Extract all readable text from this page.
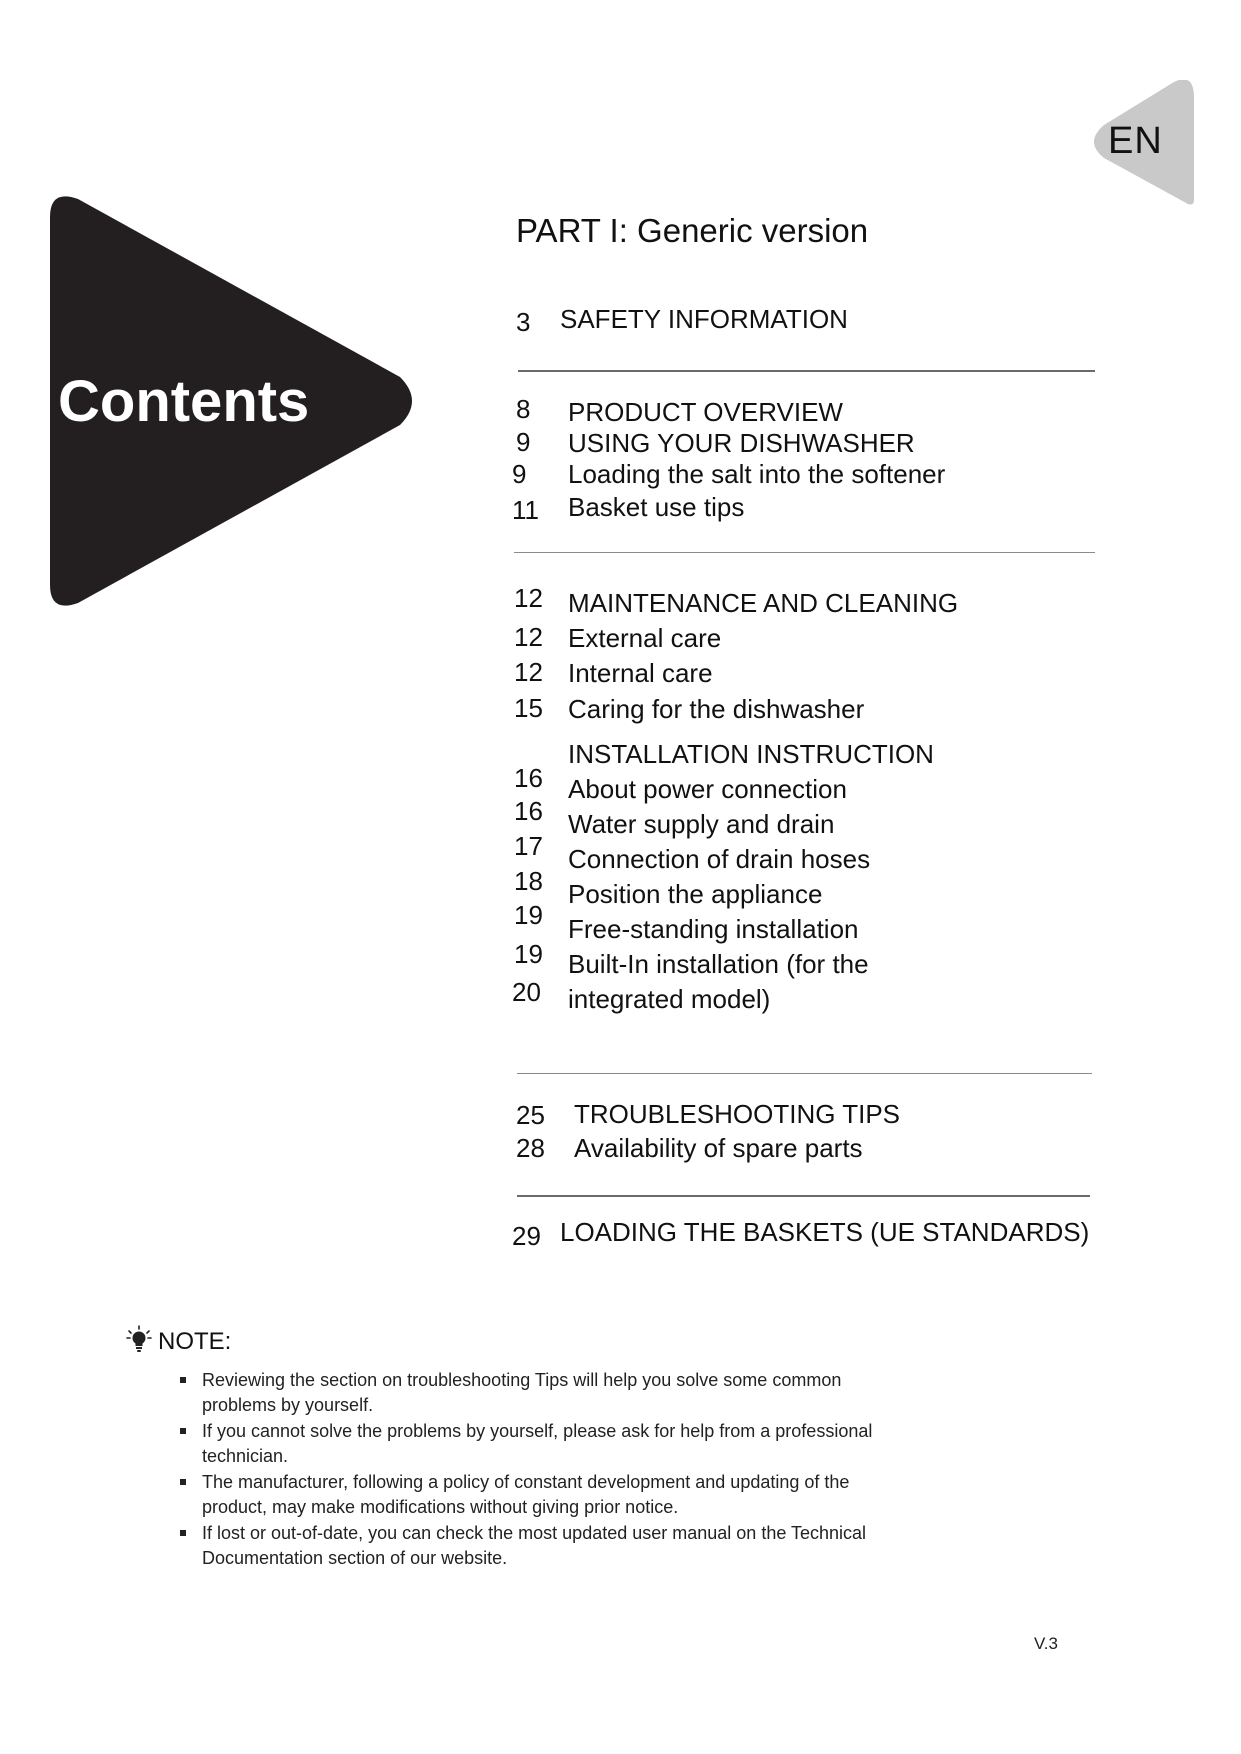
EN
Contents
PART I: Generic version
3 SAFETY INFORMATION
8
9
9
11
PRODUCT OVERVIEW
USING YOUR DISHWASHER
Loading the salt into the softener
Basket use tips
12
12
12
15
MAINTENANCE AND CLEANING
External care
Internal care
Caring for the dishwasher
INSTALLATION INSTRUCTION
16
16
17
18
19
19
20
About power connection
Water supply and drain
Connection of drain hoses
Position the appliance
Free-standing installation
Built-In installation (for the
integrated model)
25
28
TROUBLESHOOTING TIPS
Availability of spare parts
29 LOADING THE BASKETS (UE STANDARDS)
NOTE:
Reviewing the section on troubleshooting Tips will help you solve some common problems by yourself.
If you cannot solve the problems by yourself, please ask for help from a professional technician.
The manufacturer, following a policy of constant development and updating of the product, may make modifications without giving prior notice.
If lost or out-of-date, you can check the most updated user manual on the Technical Documentation section of our website.
V.3
